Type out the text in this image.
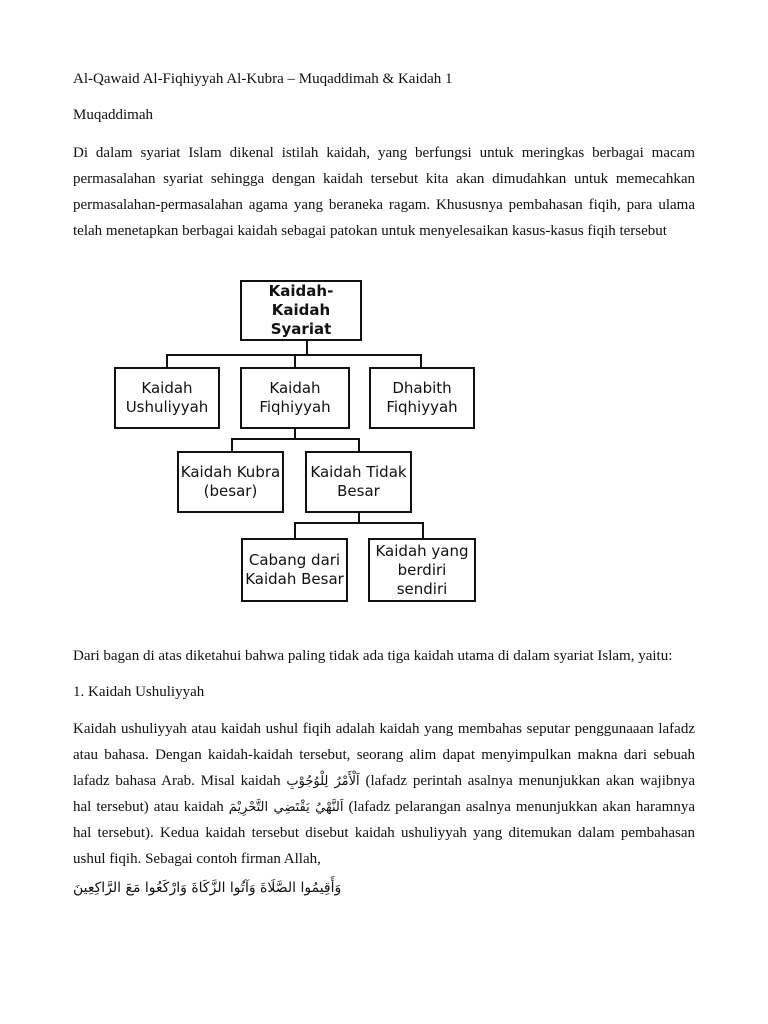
Al-Qawaid Al-Fiqhiyyah Al-Kubra – Muqaddimah & Kaidah 1
Muqaddimah
Di dalam syariat Islam dikenal istilah kaidah, yang berfungsi untuk meringkas berbagai macam
permasalahan syariat sehingga dengan kaidah tersebut kita akan dimudahkan untuk memecahkan
permasalahan-permasalahan agama yang beraneka ragam. Khususnya pembahasan fiqih, para ulama
telah menetapkan berbagai kaidah sebagai patokan untuk menyelesaikan kasus-kasus fiqih tersebut
Kaidah-Kaidah
Syariat
Kaidah
Ushuliyyah
Kaidah
Fiqhiyyah
Dhabith
Fiqhiyyah
Kaidah Kubra
(besar)
Kaidah Tidak
Besar
Cabang dari
Kaidah Besar
Kaidah yang
berdiri sendiri
Dari bagan di atas diketahui bahwa paling tidak ada tiga kaidah utama di dalam syariat Islam, yaitu:
1. Kaidah Ushuliyyah
Kaidah ushuliyyah atau kaidah ushul fiqih adalah kaidah yang membahas seputar penggunaaan lafadz
atau bahasa. Dengan kaidah-kaidah tersebut, seorang alim dapat menyimpulkan makna dari sebuah
lafadz bahasa Arab. Misal kaidah اَلْأَمْرُ لِلْوُجُوْبِ (lafadz perintah asalnya menunjukkan akan wajibnya
hal tersebut) atau kaidah اَلنَّهْيُ يَقْتَضِي التَّحْرِيْمَ (lafadz pelarangan asalnya menunjukkan akan haramnya
hal tersebut). Kedua kaidah tersebut disebut kaidah ushuliyyah yang ditemukan dalam pembahasan
ushul fiqih. Sebagai contoh firman Allah,
وَأَقِيمُوا الصَّلَاةَ وَآتُوا الزَّكَاةَ وَارْكَعُوا مَعَ الرَّاكِعِينَ
